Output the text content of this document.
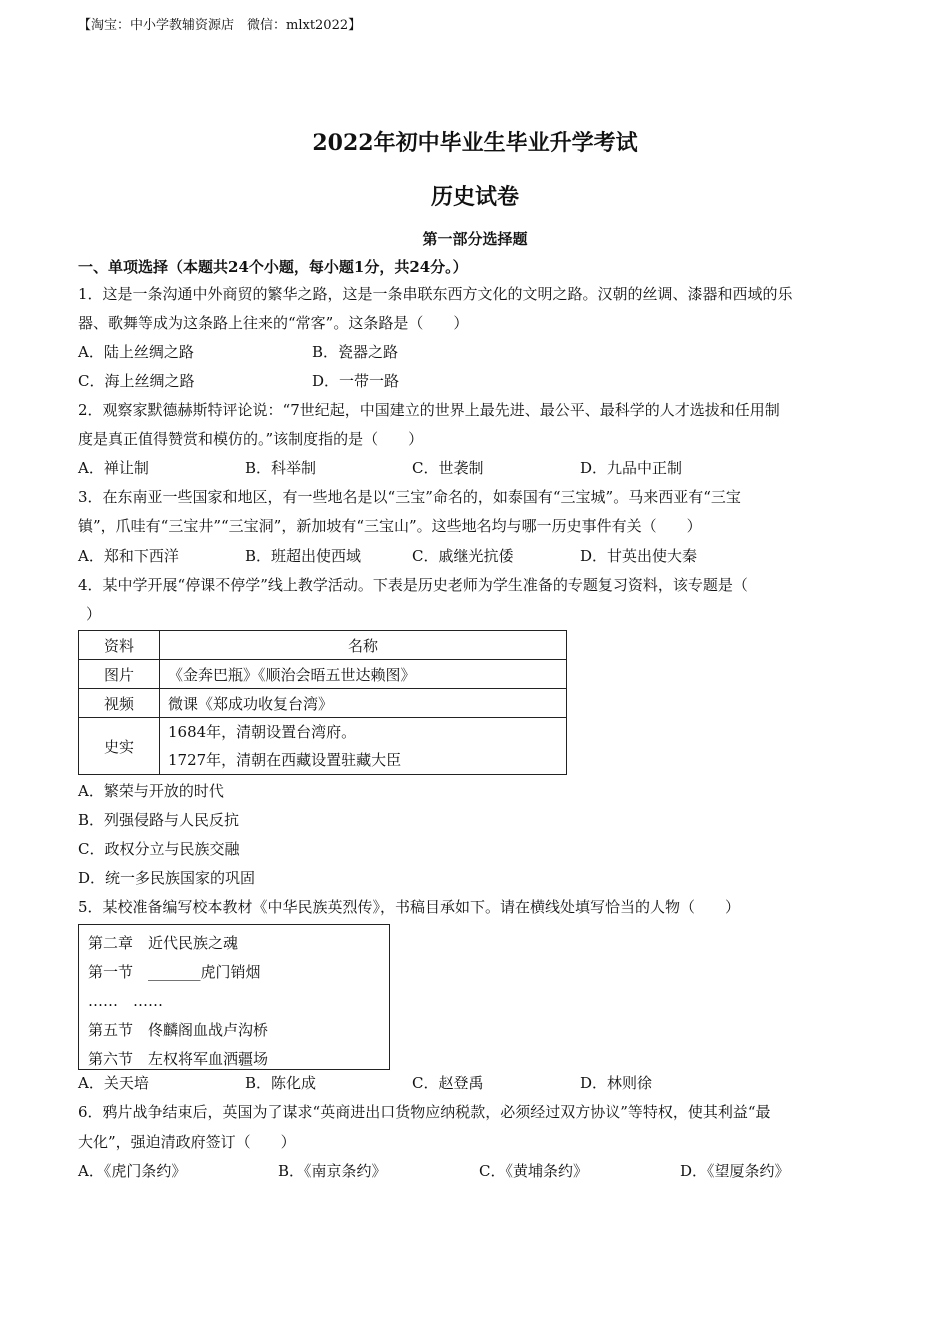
【淘宝：中小学教辅资源店　微信：mlxt2022】
2022年初中毕业生毕业升学考试
历史试卷
第一部分选择题
一、单项选择（本题共24个小题，每小题1分，共24分。）
1．这是一条沟通中外商贸的繁华之路，这是一条串联东西方文化的文明之路。汉朝的丝调、漆器和西域的乐
器、歌舞等成为这条路上往来的“常客”。这条路是（　　）
A．陆上丝绸之路	B．瓷器之路
C．海上丝绸之路	D．一带一路
2．观察家默德赫斯特评论说：“7世纪起，中国建立的世界上最先进、最公平、最科学的人才选拔和任用制
度是真正值得赞赏和模仿的。”该制度指的是（　　）
A．禅让制	B．科举制	C．世袭制	D．九品中正制
3．在东南亚一些国家和地区，有一些地名是以“三宝”命名的，如泰国有“三宝城”。马来西亚有“三宝
镇”，爪哇有“三宝井”“三宝洞”，新加坡有“三宝山”。这些地名均与哪一历史事件有关（　　）
A．郑和下西洋	B．班超出使西域	C．戚继光抗倭	D．甘英出使大秦
4．某中学开展“停课不停学”线上教学活动。下表是历史老师为学生准备的专题复习资料，该专题是（
）
资料	名称
图片	《金奔巴瓶》《顺治会晤五世达赖图》
视频	微课《郑成功收复台湾》
史实	1684年，清朝设置台湾府。
1727年，清朝在西藏设置驻藏大臣
A．繁荣与开放的时代
B．列强侵路与人民反抗
C．政权分立与民族交融
D．统一多民族国家的巩固
5．某校准备编写校本教材《中华民族英烈传》，书稿目承如下。请在横线处填写恰当的人物（　　）
第二章　近代民族之魂
第一节　_______虎门销烟
……　……
第五节　佟麟阁血战卢沟桥
第六节　左权将军血洒疆场
A．关天培	B．陈化成	C．赵登禹	D．林则徐
6．鸦片战争结束后，英国为了谋求“英商进出口货物应纳税款，必须经过双方协议”等特权，使其利益“最
大化”，强迫清政府签订（　　）
A．《虎门条约》	B．《南京条约》	C．《黄埔条约》	D．《望厦条约》
